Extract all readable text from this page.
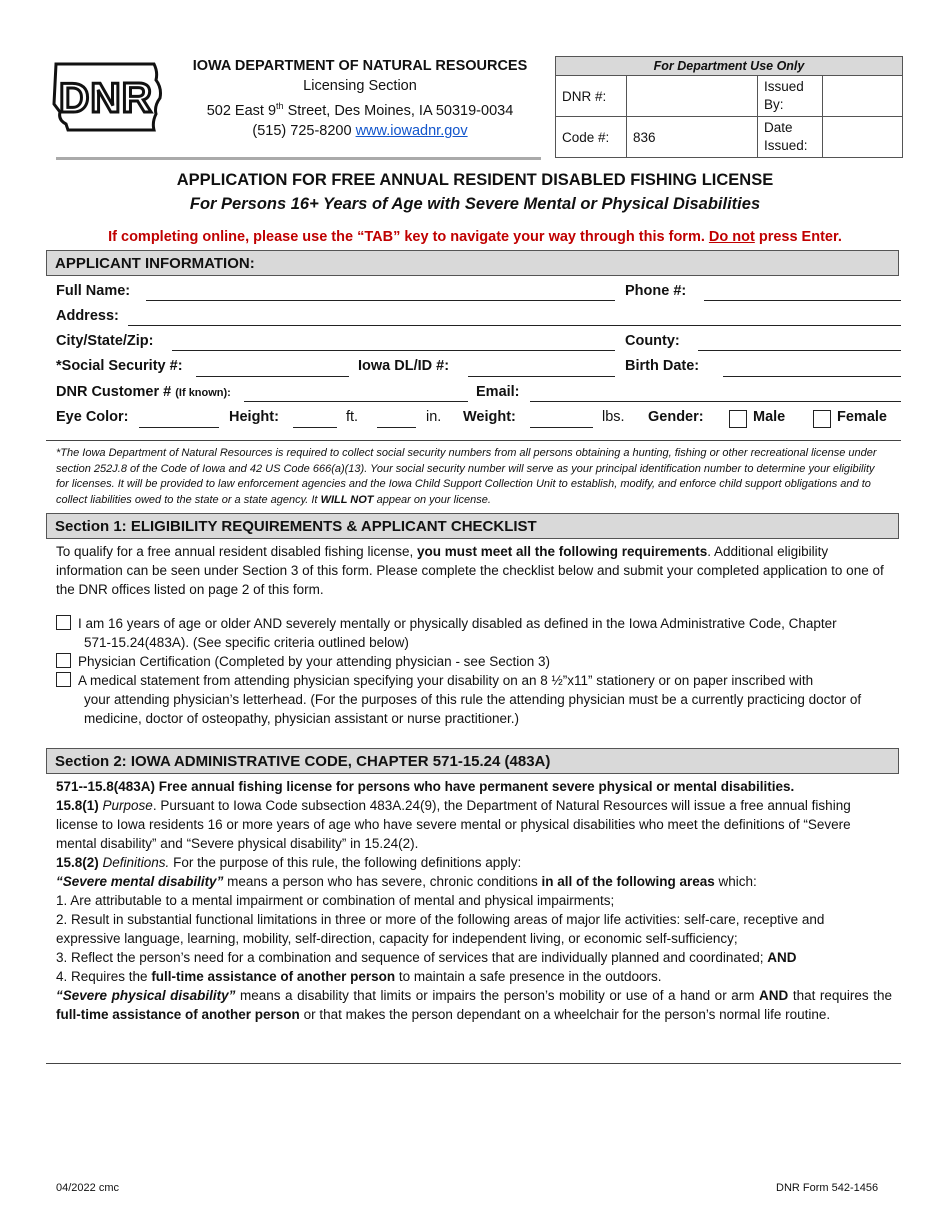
DNR
IOWA DEPARTMENT OF NATURAL RESOURCES
Licensing Section
502 East 9th Street, Des Moines, IA 50319-0034
(515) 725-8200 www.iowadnr.gov
For Department Use Only			
DNR #:		Issued By:	
Code #:	836	Date Issued:	
APPLICATION FOR FREE ANNUAL RESIDENT DISABLED FISHING LICENSE
For Persons 16+ Years of Age with Severe Mental or Physical Disabilities
If completing online, please use the “TAB” key to navigate your way through this form. Do not press Enter.
APPLICANT INFORMATION:
Full Name:	Phone #:
Address:
City/State/Zip:	County:
*Social Security #:	Iowa DL/ID #:	Birth Date:
DNR Customer # (If known):	Email:
Eye Color:	Height:	ft.	in. Weight:	lbs. Gender:	Male	Female
*The Iowa Department of Natural Resources is required to collect social security numbers from all persons obtaining a hunting, fishing or other recreational license under section 252J.8 of the Code of Iowa and 42 US Code 666(a)(13). Your social security number will serve as your principal identification number to determine your eligibility for licenses. It will be provided to law enforcement agencies and the Iowa Child Support Collection Unit to establish, modify, and enforce child support obligations and to collect liabilities owed to the state or a state agency. It WILL NOT appear on your license.
Section 1: ELIGIBILITY REQUIREMENTS & APPLICANT CHECKLIST
To qualify for a free annual resident disabled fishing license, you must meet all the following requirements. Additional eligibility information can be seen under Section 3 of this form. Please complete the checklist below and submit your completed application to one of the DNR offices listed on page 2 of this form.
I am 16 years of age or older AND severely mentally or physically disabled as defined in the Iowa Administrative Code, Chapter
571-15.24(483A). (See specific criteria outlined below)
Physician Certification (Completed by your attending physician - see Section 3)
A medical statement from attending physician specifying your disability on an 8 ½”x11” stationery or on paper inscribed with
your attending physician’s letterhead. (For the purposes of this rule the attending physician must be a currently practicing doctor of medicine, doctor of osteopathy, physician assistant or nurse practitioner.)
Section 2: IOWA ADMINISTRATIVE CODE, CHAPTER 571-15.24 (483A)

571--15.8(483A) Free annual fishing license for persons who have permanent severe physical or mental disabilities.

15.8(1) Purpose. Pursuant to Iowa Code subsection 483A.24(9), the Department of Natural Resources will issue a free annual fishing license to Iowa residents 16 or more years of age who have severe mental or physical disabilities who meet the definitions of “Severe mental disability” and “Severe physical disability” in 15.24(2).

15.8(2) Definitions. For the purpose of this rule, the following definitions apply:

“Severe mental disability” means a person who has severe, chronic conditions in all of the following areas which:

1. Are attributable to a mental impairment or combination of mental and physical impairments;

2. Result in substantial functional limitations in three or more of the following areas of major life activities: self-care, receptive and expressive language, learning, mobility, self-direction, capacity for independent living, or economic self-sufficiency;

3. Reflect the person’s need for a combination and sequence of services that are individually planned and coordinated; AND

4. Requires the full-time assistance of another person to maintain a safe presence in the outdoors.

“Severe physical disability” means a disability that limits or impairs the person’s mobility or use of a hand or arm AND that requires the full-time assistance of another person or that makes the person dependant on a wheelchair for the person’s normal life routine.

04/2022 cmc	DNR Form 542-1456
